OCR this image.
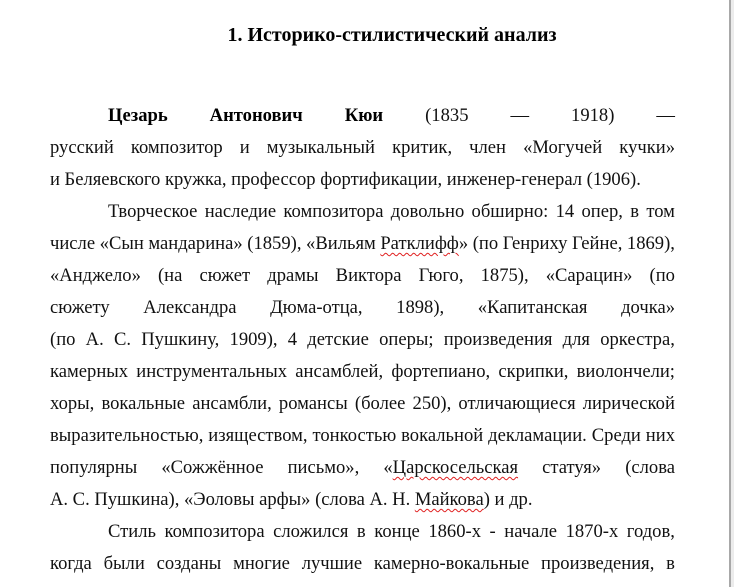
1. Историко-стилистический анализ
Цезарь Антонович Кюи (1835 — 1918) —
русский композитор и музыкальный критик, член «Могучей кучки»
и Беляевского кружка, профессор фортификации, инженер-генерал (1906).
Творческое наследие композитора довольно обширно: 14 опер, в том
числе «Сын мандарина» (1859), «Вильям Ратклифф» (по Генриху Гейне, 1869),
«Анджело» (на сюжет драмы Виктора Гюго, 1875), «Сарацин» (по
сюжету Александра Дюма-отца, 1898), «Капитанская дочка»
(по А. С. Пушкину, 1909), 4 детские оперы; произведения для оркестра,
камерных инструментальных ансамблей, фортепиано, скрипки, виолончели;
хоры, вокальные ансамбли, романсы (более 250), отличающиеся лирической
выразительностью, изяществом, тонкостью вокальной декламации. Среди них
популярны «Сожжённое письмо», «Царскосельская статуя» (слова
А. С. Пушкина), «Эоловы арфы» (слова А. Н. Майкова) и др.
Стиль композитора сложился в конце 1860-х - начале 1870-х годов,
когда были созданы многие лучшие камерно-вокальные произведения, в
